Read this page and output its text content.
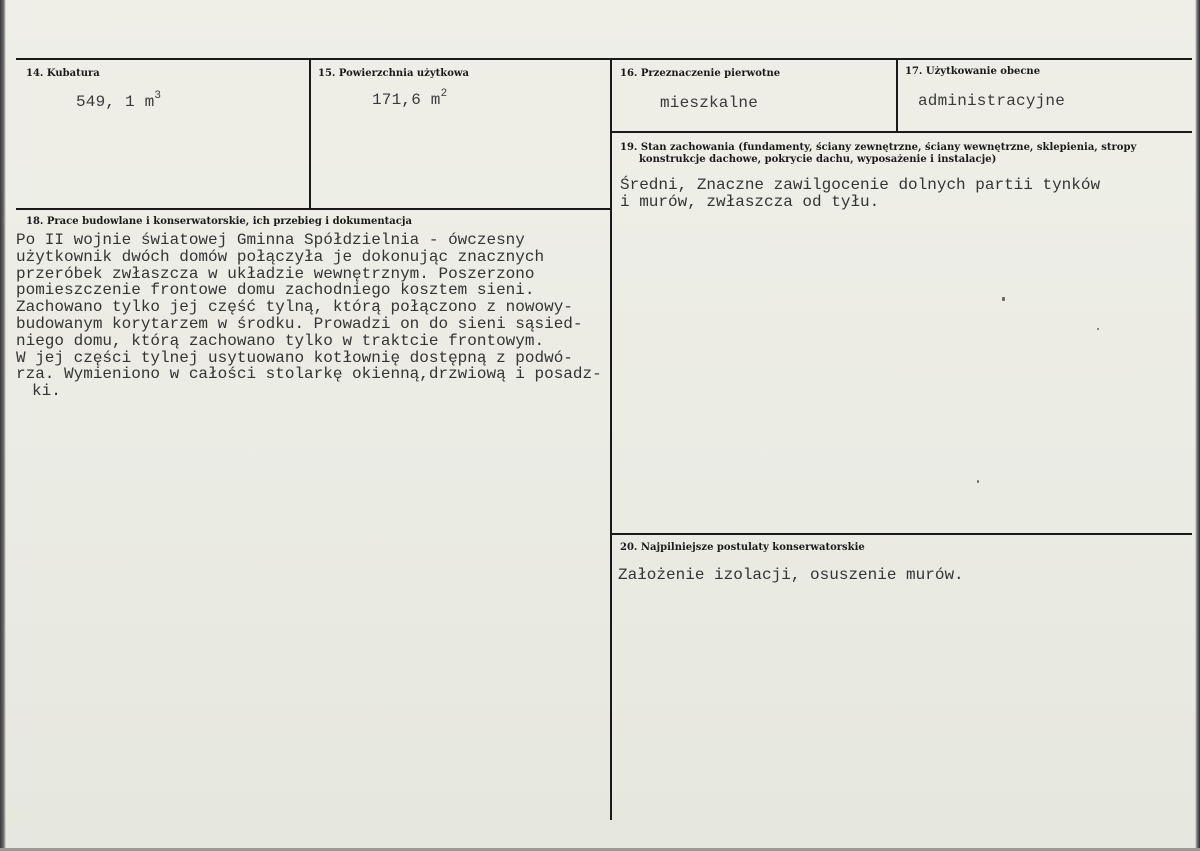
14. Kubatura
549, 1 $m^3$
15. Powierzchnia użytkowa
171,6 $m^2$
16. Przeznaczenie pierwotne
mieszkalne
17. Użytkowanie obecne
administracyjne
18. Prace budowlane i konserwatorskie, ich przebieg i dokumentacja
Po II wojnie światowej Gminna Spółdzielnia - ówczesny
użytkownik dwóch domów połączyła je dokonując znacznych
przeróbek zwłaszcza w układzie wewnętrznym. Poszerzono
pomieszczenie frontowe domu zachodniego kosztem sieni.
Zachowano tylko jej część tylną, którą połączono z nowowy-
budowanym korytarzem w środku. Prowadzi on do sieni sąsied-
niego domu, którą zachowano tylko w traktcie frontowym.
W jej części tylnej usytuowano kotłownię dostępną z podwó-
rza. Wymieniono w całości stolarkę okienną,drzwiową i posadz-
ki.
19. Stan zachowania (fundamenty, ściany zewnętrzne, ściany wewnętrzne, sklepienia, stropy
konstrukcje dachowe, pokrycie dachu, wyposażenie i instalacje)
Średni, Znaczne zawilgocenie dolnych partii tynków
i murów, zwłaszcza od tyłu.
20. Najpilniejsze postulaty konserwatorskie
Założenie izolacji, osuszenie murów.
